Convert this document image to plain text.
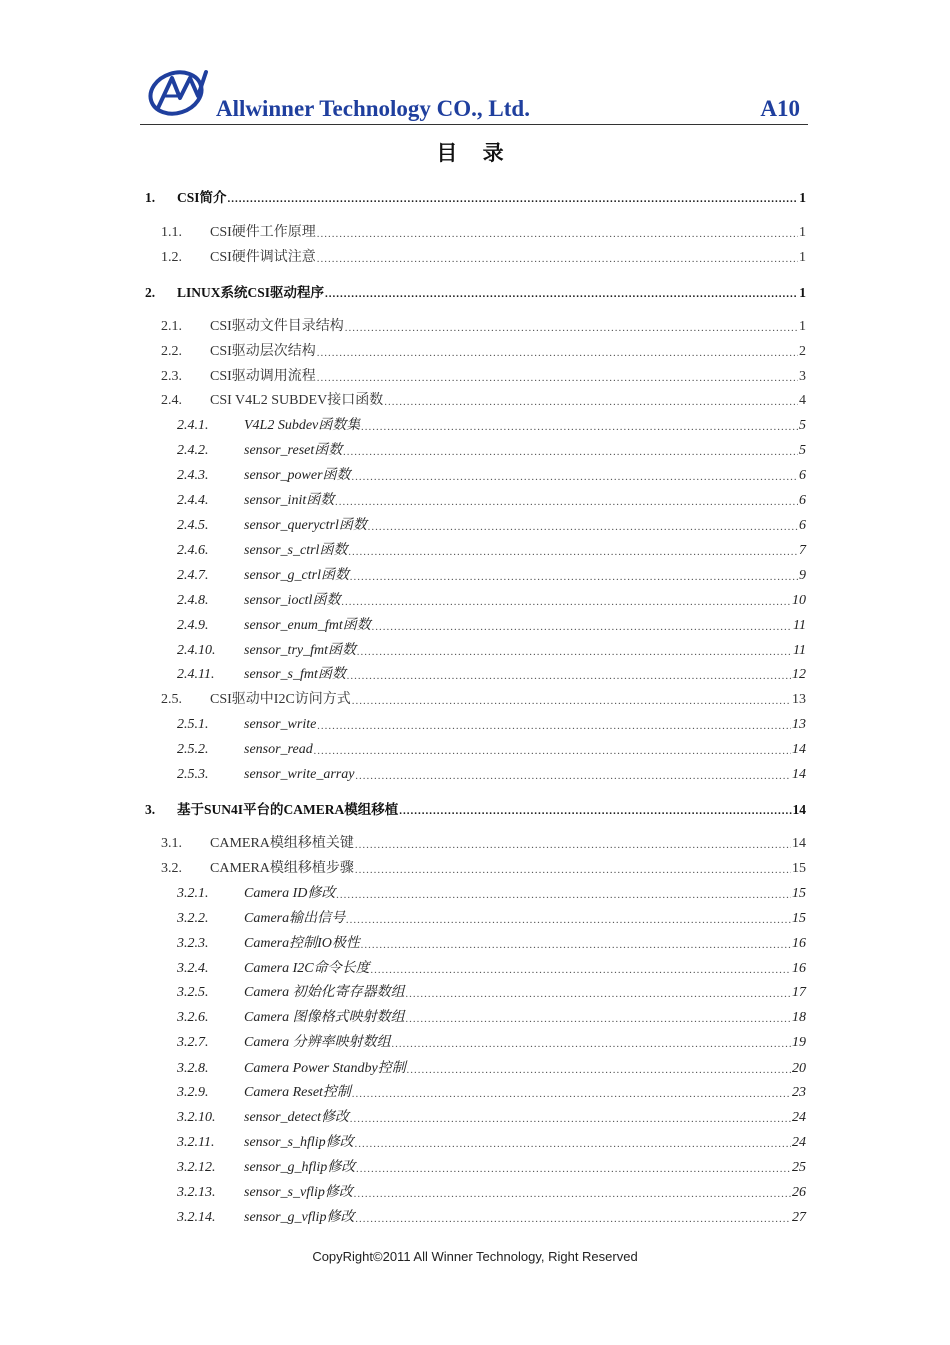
Allwinner Technology CO., Ltd.	A10
目 录
1.	CSI简介 .....	1
1.1.	CSI硬件工作原理 .....	1
1.2.	CSI硬件调试注意 .....	1
2.	LINUX系统CSI驱动程序 .....	1
2.1.	CSI驱动文件目录结构 .....	1
2.2.	CSI驱动层次结构 .....	2
2.3.	CSI驱动调用流程 .....	3
2.4.	CSI V4L2 SUBDEV接口函数 .....	4
2.4.1.	V4L2 Subdev函数集 .....	5
2.4.2.	sensor_reset函数 .....	5
2.4.3.	sensor_power函数 .....	6
2.4.4.	sensor_init函数 .....	6
2.4.5.	sensor_queryctrl函数 .....	6
2.4.6.	sensor_s_ctrl函数 .....	7
2.4.7.	sensor_g_ctrl函数 .....	9
2.4.8.	sensor_ioctl函数 .....	10
2.4.9.	sensor_enum_fmt函数 .....	11
2.4.10.	sensor_try_fmt函数 .....	11
2.4.11.	sensor_s_fmt函数 .....	12
2.5.	CSI驱动中I2C访问方式 .....	13
2.5.1.	sensor_write .....	13
2.5.2.	sensor_read .....	14
2.5.3.	sensor_write_array .....	14
3.	基于SUN4I平台的CAMERA模组移植 .....	14
3.1.	CAMERA模组移植关键 .....	14
3.2.	CAMERA模组移植步骤 .....	15
3.2.1.	Camera ID修改 .....	15
3.2.2.	Camera输出信号 .....	15
3.2.3.	Camera控制IO极性 .....	16
3.2.4.	Camera I2C命令长度 .....	16
3.2.5.	Camera 初始化寄存器数组 .....	17
3.2.6.	Camera 图像格式映射数组 .....	18
3.2.7.	Camera 分辨率映射数组 .....	19
3.2.8.	Camera Power Standby控制 .....	20
3.2.9.	Camera Reset控制 .....	23
3.2.10.	sensor_detect修改 .....	24
3.2.11.	sensor_s_hflip修改 .....	24
3.2.12.	sensor_g_hflip修改 .....	25
3.2.13.	sensor_s_vflip修改 .....	26
3.2.14.	sensor_g_vflip修改 .....	27
CopyRight©2011 All Winner Technology, Right Reserved
